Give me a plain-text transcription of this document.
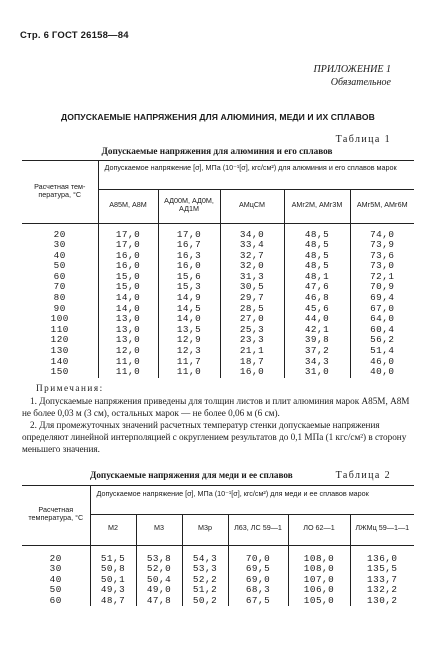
Стр. 6 ГОСТ 26158—84
ПРИЛОЖЕНИЕ 1
Обязательное
ДОПУСКАЕМЫЕ НАПРЯЖЕНИЯ ДЛЯ АЛЮМИНИЯ, МЕДИ И ИХ СПЛАВОВ
Таблица 1
Допускаемые напряжения для алюминия и его сплавов
Расчетная тем-пература, °С	Допускаемое напряжение [σ], МПа (10⁻¹[σ], кгс/см²) для алюминия и его сплавов марок				
	А85М, А8М	АД00М, АД0М, АД1М	АМцСМ	АМг2М, АМг3М	АМг5М, АМг6М

20	17,0	17,0	34,0	48,5	74,0
30	17,0	16,7	33,4	48,5	73,9
40	16,0	16,3	32,7	48,5	73,6
50	16,0	16,0	32,0	48,5	73,0
60	15,0	15,6	31,3	48,1	72,1
70	15,0	15,3	30,5	47,6	70,9
80	14,0	14,9	29,7	46,8	69,4
90	14,0	14,5	28,5	45,6	67,0
100	13,0	14,0	27,0	44,0	64,0
110	13,0	13,5	25,3	42,1	60,4
120	13,0	12,9	23,3	39,8	56,2
130	12,0	12,3	21,1	37,2	51,4
140	11,0	11,7	18,7	34,3	46,0
150	11,0	11,0	16,0	31,0	40,0

Примечания:

1. Допускаемые напряжения приведены для толщин листов и плит алюминия марок А85М, А8М не более 0,03 м (3 см), остальных марок — не более 0,06 м (6 см).

2. Для промежуточных значений расчетных температур стенки допускаемые напряжения определяют линейной интерполяцией с округлением результатов до 0,1 МПа (1 кгс/см²) в сторону меньшего значения.

Допускаемые напряжения для меди и ее сплавов	Таблица 2
Расчетная температура, °С	Допускаемое напряжение [σ], МПа (10⁻¹[σ], кгс/см²) для меди и ее сплавов марок					
	М2	М3	М3р	Л63, ЛС 59—1	ЛО 62—1	ЛЖМц 59—1—1

20	51,5	53,8	54,3	70,0	108,0	136,0
30	50,8	52,0	53,3	69,5	108,0	135,5
40	50,1	50,4	52,2	69,0	107,0	133,7
50	49,3	49,0	51,2	68,3	106,0	132,2
60	48,7	47,8	50,2	67,5	105,0	130,2
